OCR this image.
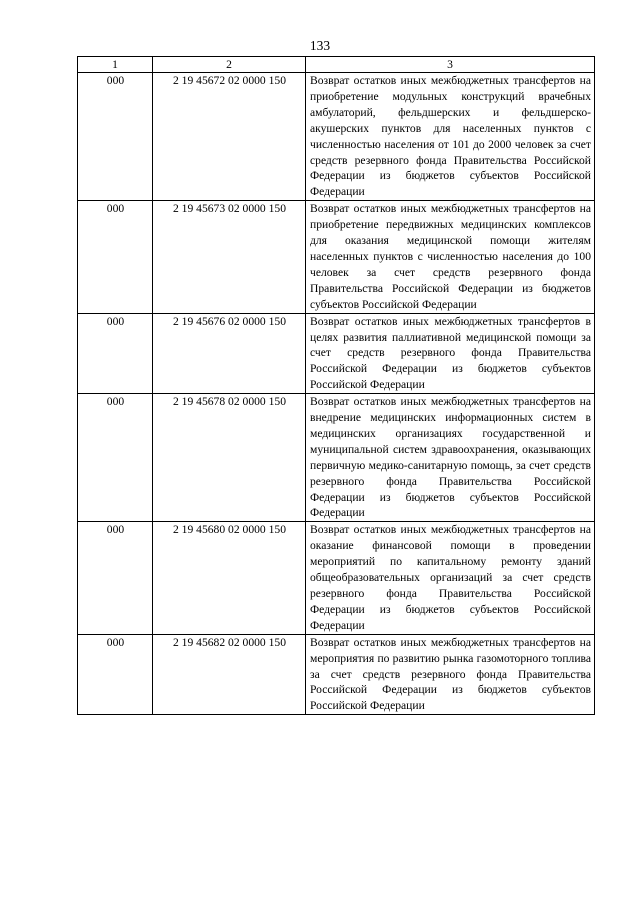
133
1	2	3
000	2 19 45672 02 0000 150	Возврат остатков иных межбюджетных трансфертов на приобретение модульных конструкций врачебных амбулаторий, фельдшерских и фельдшерско-акушерских пунктов для населенных пунктов с численностью населения от 101 до 2000 человек за счет средств резервного фонда Правительства Российской Федерации из бюджетов субъектов Российской Федерации
000	2 19 45673 02 0000 150	Возврат остатков иных межбюджетных трансфертов на приобретение передвижных медицинских комплексов для оказания медицинской помощи жителям населенных пунктов с численностью населения до 100 человек за счет средств резервного фонда Правительства Российской Федерации из бюджетов субъектов Российской Федерации
000	2 19 45676 02 0000 150	Возврат остатков иных межбюджетных трансфертов в целях развития паллиативной медицинской помощи за счет средств резервного фонда Правительства Российской Федерации из бюджетов субъектов Российской Федерации
000	2 19 45678 02 0000 150	Возврат остатков иных межбюджетных трансфертов на внедрение медицинских информационных систем в медицинских организациях государственной и муниципальной систем здравоохранения, оказывающих первичную медико-санитарную помощь, за счет средств резервного фонда Правительства Российской Федерации из бюджетов субъектов Российской Федерации
000	2 19 45680 02 0000 150	Возврат остатков иных межбюджетных трансфертов на оказание финансовой помощи в проведении мероприятий по капитальному ремонту зданий общеобразовательных организаций за счет средств резервного фонда Правительства Российской Федерации из бюджетов субъектов Российской Федерации
000	2 19 45682 02 0000 150	Возврат остатков иных межбюджетных трансфертов на мероприятия по развитию рынка газомоторного топлива за счет средств резервного фонда Правительства Российской Федерации из бюджетов субъектов Российской Федерации
